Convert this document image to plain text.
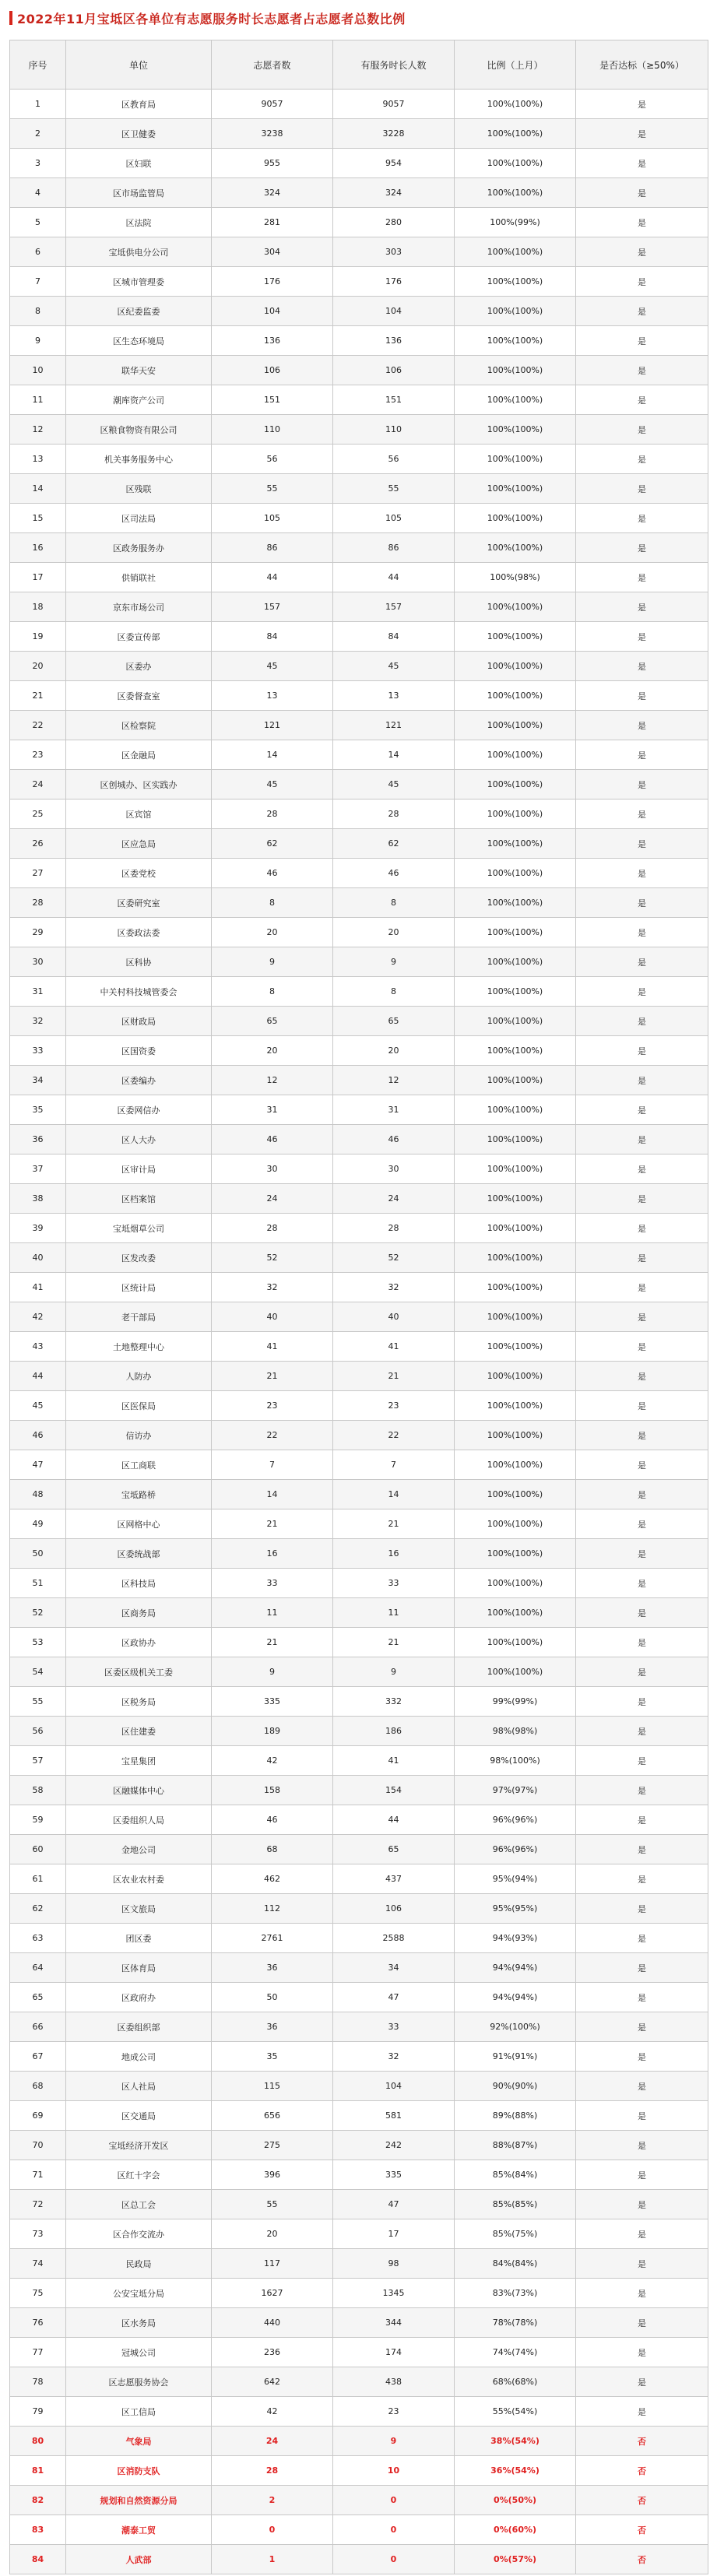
2022年11月宝坻区各单位有志愿服务时长志愿者占志愿者总数比例
序号	单位	志愿者数	有服务时长人数	比例（上月）	是否达标（≥50%）
1	区教育局	9057	9057	100%(100%)	是
2	区卫健委	3238	3228	100%(100%)	是
3	区妇联	955	954	100%(100%)	是
4	区市场监管局	324	324	100%(100%)	是
5	区法院	281	280	100%(99%)	是
6	宝坻供电分公司	304	303	100%(100%)	是
7	区城市管理委	176	176	100%(100%)	是
8	区纪委监委	104	104	100%(100%)	是
9	区生态环境局	136	136	100%(100%)	是
10	联华天安	106	106	100%(100%)	是
11	潮库资产公司	151	151	100%(100%)	是
12	区粮食物资有限公司	110	110	100%(100%)	是
13	机关事务服务中心	56	56	100%(100%)	是
14	区残联	55	55	100%(100%)	是
15	区司法局	105	105	100%(100%)	是
16	区政务服务办	86	86	100%(100%)	是
17	供销联社	44	44	100%(98%)	是
18	京东市场公司	157	157	100%(100%)	是
19	区委宣传部	84	84	100%(100%)	是
20	区委办	45	45	100%(100%)	是
21	区委督查室	13	13	100%(100%)	是
22	区检察院	121	121	100%(100%)	是
23	区金融局	14	14	100%(100%)	是
24	区创城办、区实践办	45	45	100%(100%)	是
25	区宾馆	28	28	100%(100%)	是
26	区应急局	62	62	100%(100%)	是
27	区委党校	46	46	100%(100%)	是
28	区委研究室	8	8	100%(100%)	是
29	区委政法委	20	20	100%(100%)	是
30	区科协	9	9	100%(100%)	是
31	中关村科技城管委会	8	8	100%(100%)	是
32	区财政局	65	65	100%(100%)	是
33	区国资委	20	20	100%(100%)	是
34	区委编办	12	12	100%(100%)	是
35	区委网信办	31	31	100%(100%)	是
36	区人大办	46	46	100%(100%)	是
37	区审计局	30	30	100%(100%)	是
38	区档案馆	24	24	100%(100%)	是
39	宝坻烟草公司	28	28	100%(100%)	是
40	区发改委	52	52	100%(100%)	是
41	区统计局	32	32	100%(100%)	是
42	老干部局	40	40	100%(100%)	是
43	土地整理中心	41	41	100%(100%)	是
44	人防办	21	21	100%(100%)	是
45	区医保局	23	23	100%(100%)	是
46	信访办	22	22	100%(100%)	是
47	区工商联	7	7	100%(100%)	是
48	宝坻路桥	14	14	100%(100%)	是
49	区网格中心	21	21	100%(100%)	是
50	区委统战部	16	16	100%(100%)	是
51	区科技局	33	33	100%(100%)	是
52	区商务局	11	11	100%(100%)	是
53	区政协办	21	21	100%(100%)	是
54	区委区级机关工委	9	9	100%(100%)	是
55	区税务局	335	332	99%(99%)	是
56	区住建委	189	186	98%(98%)	是
57	宝星集团	42	41	98%(100%)	是
58	区融媒体中心	158	154	97%(97%)	是
59	区委组织人局	46	44	96%(96%)	是
60	金地公司	68	65	96%(96%)	是
61	区农业农村委	462	437	95%(94%)	是
62	区文旅局	112	106	95%(95%)	是
63	团区委	2761	2588	94%(93%)	是
64	区体育局	36	34	94%(94%)	是
65	区政府办	50	47	94%(94%)	是
66	区委组织部	36	33	92%(100%)	是
67	地成公司	35	32	91%(91%)	是
68	区人社局	115	104	90%(90%)	是
69	区交通局	656	581	89%(88%)	是
70	宝坻经济开发区	275	242	88%(87%)	是
71	区红十字会	396	335	85%(84%)	是
72	区总工会	55	47	85%(85%)	是
73	区合作交流办	20	17	85%(75%)	是
74	民政局	117	98	84%(84%)	是
75	公安宝坻分局	1627	1345	83%(73%)	是
76	区水务局	440	344	78%(78%)	是
77	冠城公司	236	174	74%(74%)	是
78	区志愿服务协会	642	438	68%(68%)	是
79	区工信局	42	23	55%(54%)	是
80	气象局	24	9	38%(54%)	否
81	区消防支队	28	10	36%(54%)	否
82	规划和自然资源分局	2	0	0%(50%)	否
83	潮泰工贸	0	0	0%(60%)	否
84	人武部	1	0	0%(57%)	否
